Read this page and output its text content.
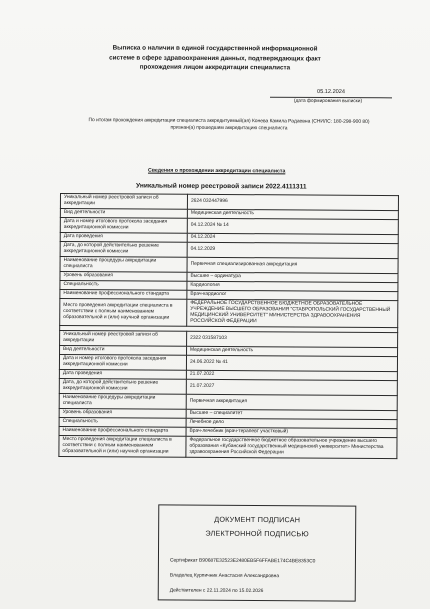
Выписка о наличии в единой государственной информационной
системе в сфере здравоохранения данных, подтверждающих факт
прохождения лицом аккредитации специалиста
05.12.2024
(дата формирования выписки)
По итогам прохождения аккредитации специалиста аккредитуемый(ая) Конева Камила Радаевна (СНИЛС: 180-298-900 80)
признан(а) прошедшим аккредитацию специалиста
Сведения о прохождении аккредитации специалиста
Уникальный номер реестровой записи 2022.4111311
Уникальный номер реестровой записи об аккредитации	2624 032447996
Вид деятельности	Медицинская деятельность
Дата и номер итогового протокола заседания аккредитационной комиссии	04.12.2024 № 14
Дата проведения	04.12.2024
Дата, до которой действительно решение аккредитационной комиссии	04.12.2029
Наименование процедуры аккредитации специалиста	Первичная специализированная аккредитация
Уровень образования	Высшее – ординатура
Специальность	Кардиология
Наименование профессионального стандарта	Врач-кардиолог
Место проведения аккредитации специалиста в соответствии с полным наименованием образовательной и (или) научной организации	ФЕДЕРАЛЬНОЕ ГОСУДАРСТВЕННОЕ БЮДЖЕТНОЕ ОБРАЗОВАТЕЛЬНОЕ УЧРЕЖДЕНИЕ ВЫСШЕГО ОБРАЗОВАНИЯ "СТАВРОПОЛЬСКИЙ ГОСУДАРСТВЕННЫЙ МЕДИЦИНСКИЙ УНИВЕРСИТЕТ" МИНИСТЕРСТВА ЗДРАВООХРАНЕНИЯ РОССИЙСКОЙ ФЕДЕРАЦИИ

Уникальный номер реестровой записи об аккредитации	2322 031587103
Вид деятельности	Медицинская деятельность
Дата и номер итогового протокола заседания аккредитационной комиссии	24.06.2022 № 41
Дата проведения	21.07.2022
Дата, до которой действительно решение аккредитационной комиссии	21.07.2027
Наименование процедуры аккредитации специалиста	Первичная аккредитация
Уровень образования	Высшее – специалитет
Специальность	Лечебное дело
Наименование профессионального стандарта	Врач-лечебник (врач-терапевт участковый)
Место проведения аккредитации специалиста в соответствии с полным наименованием образовательной и (или) научной организации	Федеральное государственное бюджетное образовательное учреждение высшего образования «Кубанский государственный медицинский университет» Министерства здравоохранения Российской Федерации
ДОКУМЕНТ ПОДПИСАН
ЭЛЕКТРОННОЙ ПОДПИСЬЮ
Сертификат B90687E32523E2480EB5F6FFABE174C4BE8353C0
Владелец Курпичник Анастасия Александровна
Действителен с 22.11.2024 по 15.02.2026
